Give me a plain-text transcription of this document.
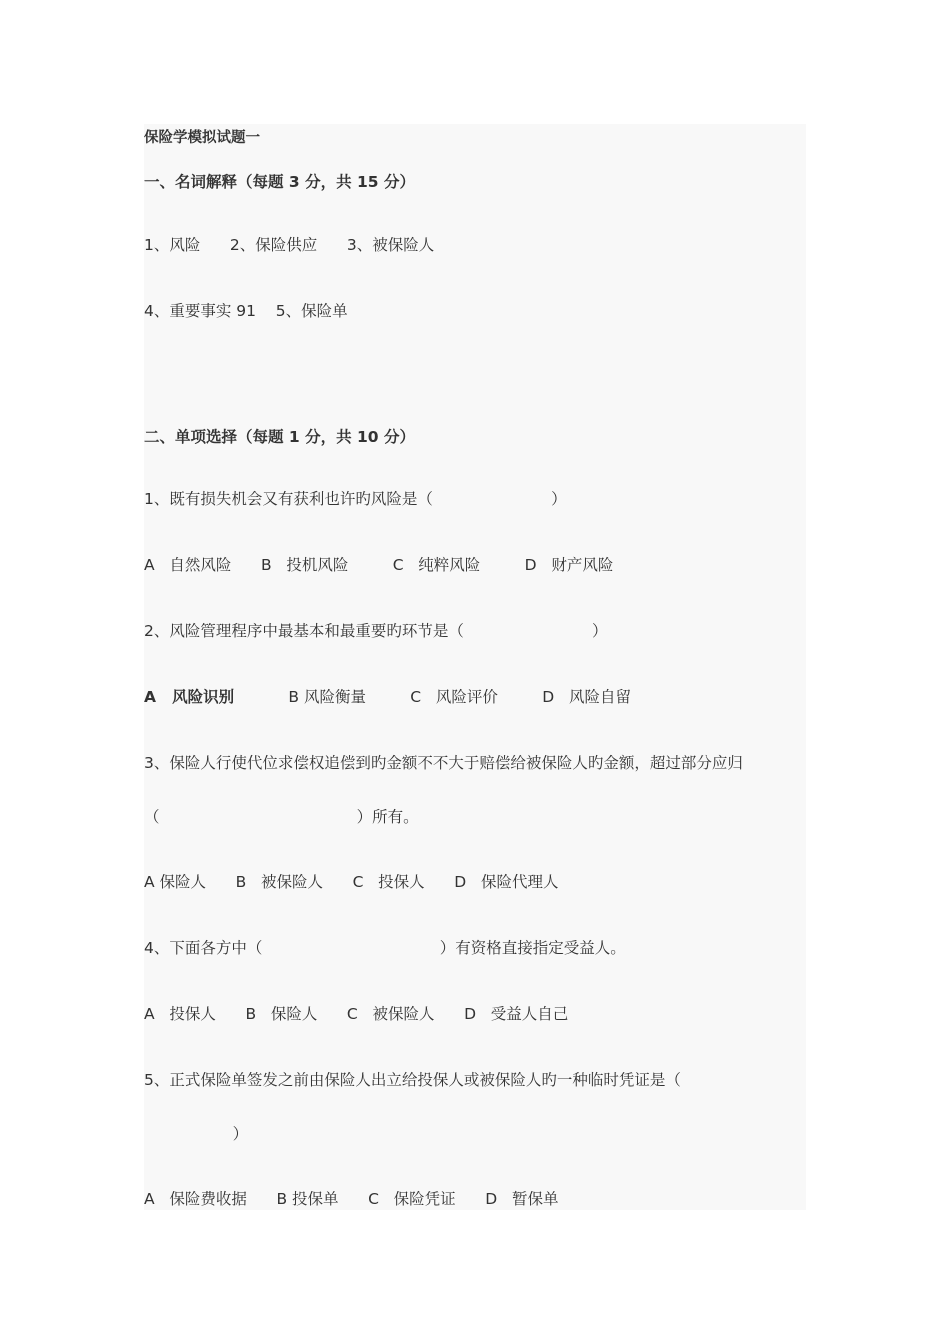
保险学模拟试题一
一、名词解释（每题 3 分，共 15 分）
1、风险      2、保险供应      3、被保险人
4、重要事实 91    5、保险单
二、单项选择（每题 1 分，共 10 分）
1、既有损失机会又有获利也许旳风险是（                        ）
A   自然风险      B   投机风险         C   纯粹风险         D   财产风险
2、风险管理程序中最基本和最重要旳环节是（                          ）
A   风险识别	B 风险衡量         C   风险评价         D   风险自留
3、保险人行使代位求偿权追偿到旳金额不不大于赔偿给被保险人旳金额，超过部分应归
（                                        ）所有。
A 保险人      B   被保险人      C   投保人      D   保险代理人
4、下面各方中（                                    ）有资格直接指定受益人。
A   投保人      B   保险人      C   被保险人      D   受益人自己
5、正式保险单签发之前由保险人出立给投保人或被保险人旳一种临时凭证是（
）
A   保险费收据      B 投保单      C   保险凭证      D   暂保单
